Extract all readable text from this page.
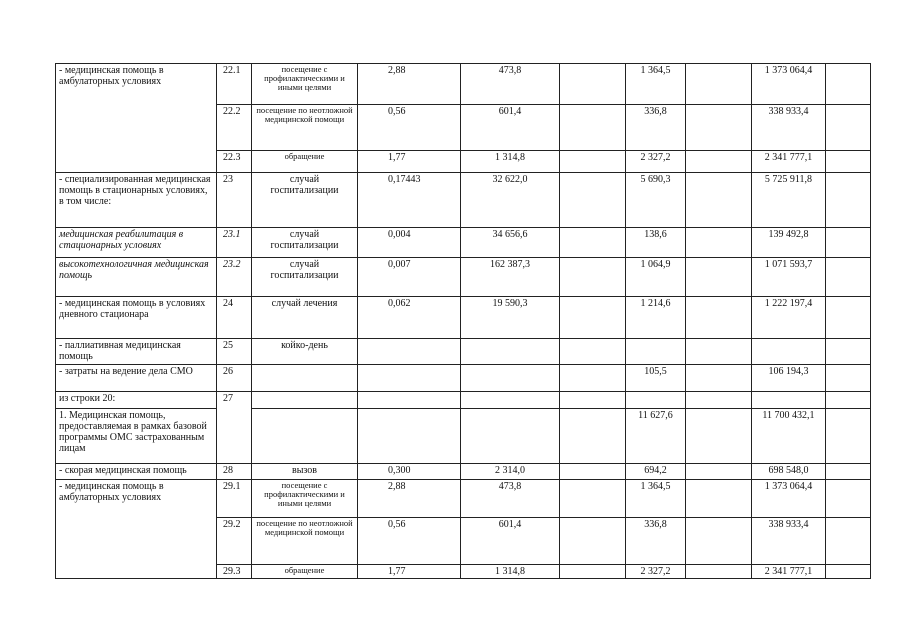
- медицинская помощь в амбулаторных условиях	22.1	посещение с профилактическими и иными целями	2,88	473,8		1 364,5		1 373 064,4	
	22.2	посещение по неотложной медицинской помощи	0,56	601,4		336,8		338 933,4	
	22.3	обращение	1,77	1 314,8		2 327,2		2 341 777,1	
- специализированная медицинская помощь в стационарных условиях, в том числе:	23	случай госпитализации	0,17443	32 622,0		5 690,3		5 725 911,8	
медицинская реабилитация в стационарных условиях	23.1	случай госпитализации	0,004	34 656,6		138,6		139 492,8	
высокотехнологичная медицинская помощь	23.2	случай госпитализации	0,007	162 387,3		1 064,9		1 071 593,7	
- медицинская помощь в условиях дневного стационара	24	случай лечения	0,062	19 590,3		1 214,6		1 222 197,4	
- паллиативная медицинская помощь	25	койко-день							
- затраты на ведение дела СМО	26					105,5		106 194,3	
из строки 20:	27								
1. Медицинская помощь, предоставляемая в рамках базовой программы ОМС застрахованным лицам						11 627,6		11 700 432,1	
- скорая медицинская помощь	28	вызов	0,300	2 314,0		694,2		698 548,0	
- медицинская помощь в амбулаторных условиях	29.1	посещение с профилактическими и иными целями	2,88	473,8		1 364,5		1 373 064,4	
	29.2	посещение по неотложной медицинской помощи	0,56	601,4		336,8		338 933,4	
	29.3	обращение	1,77	1 314,8		2 327,2		2 341 777,1	
